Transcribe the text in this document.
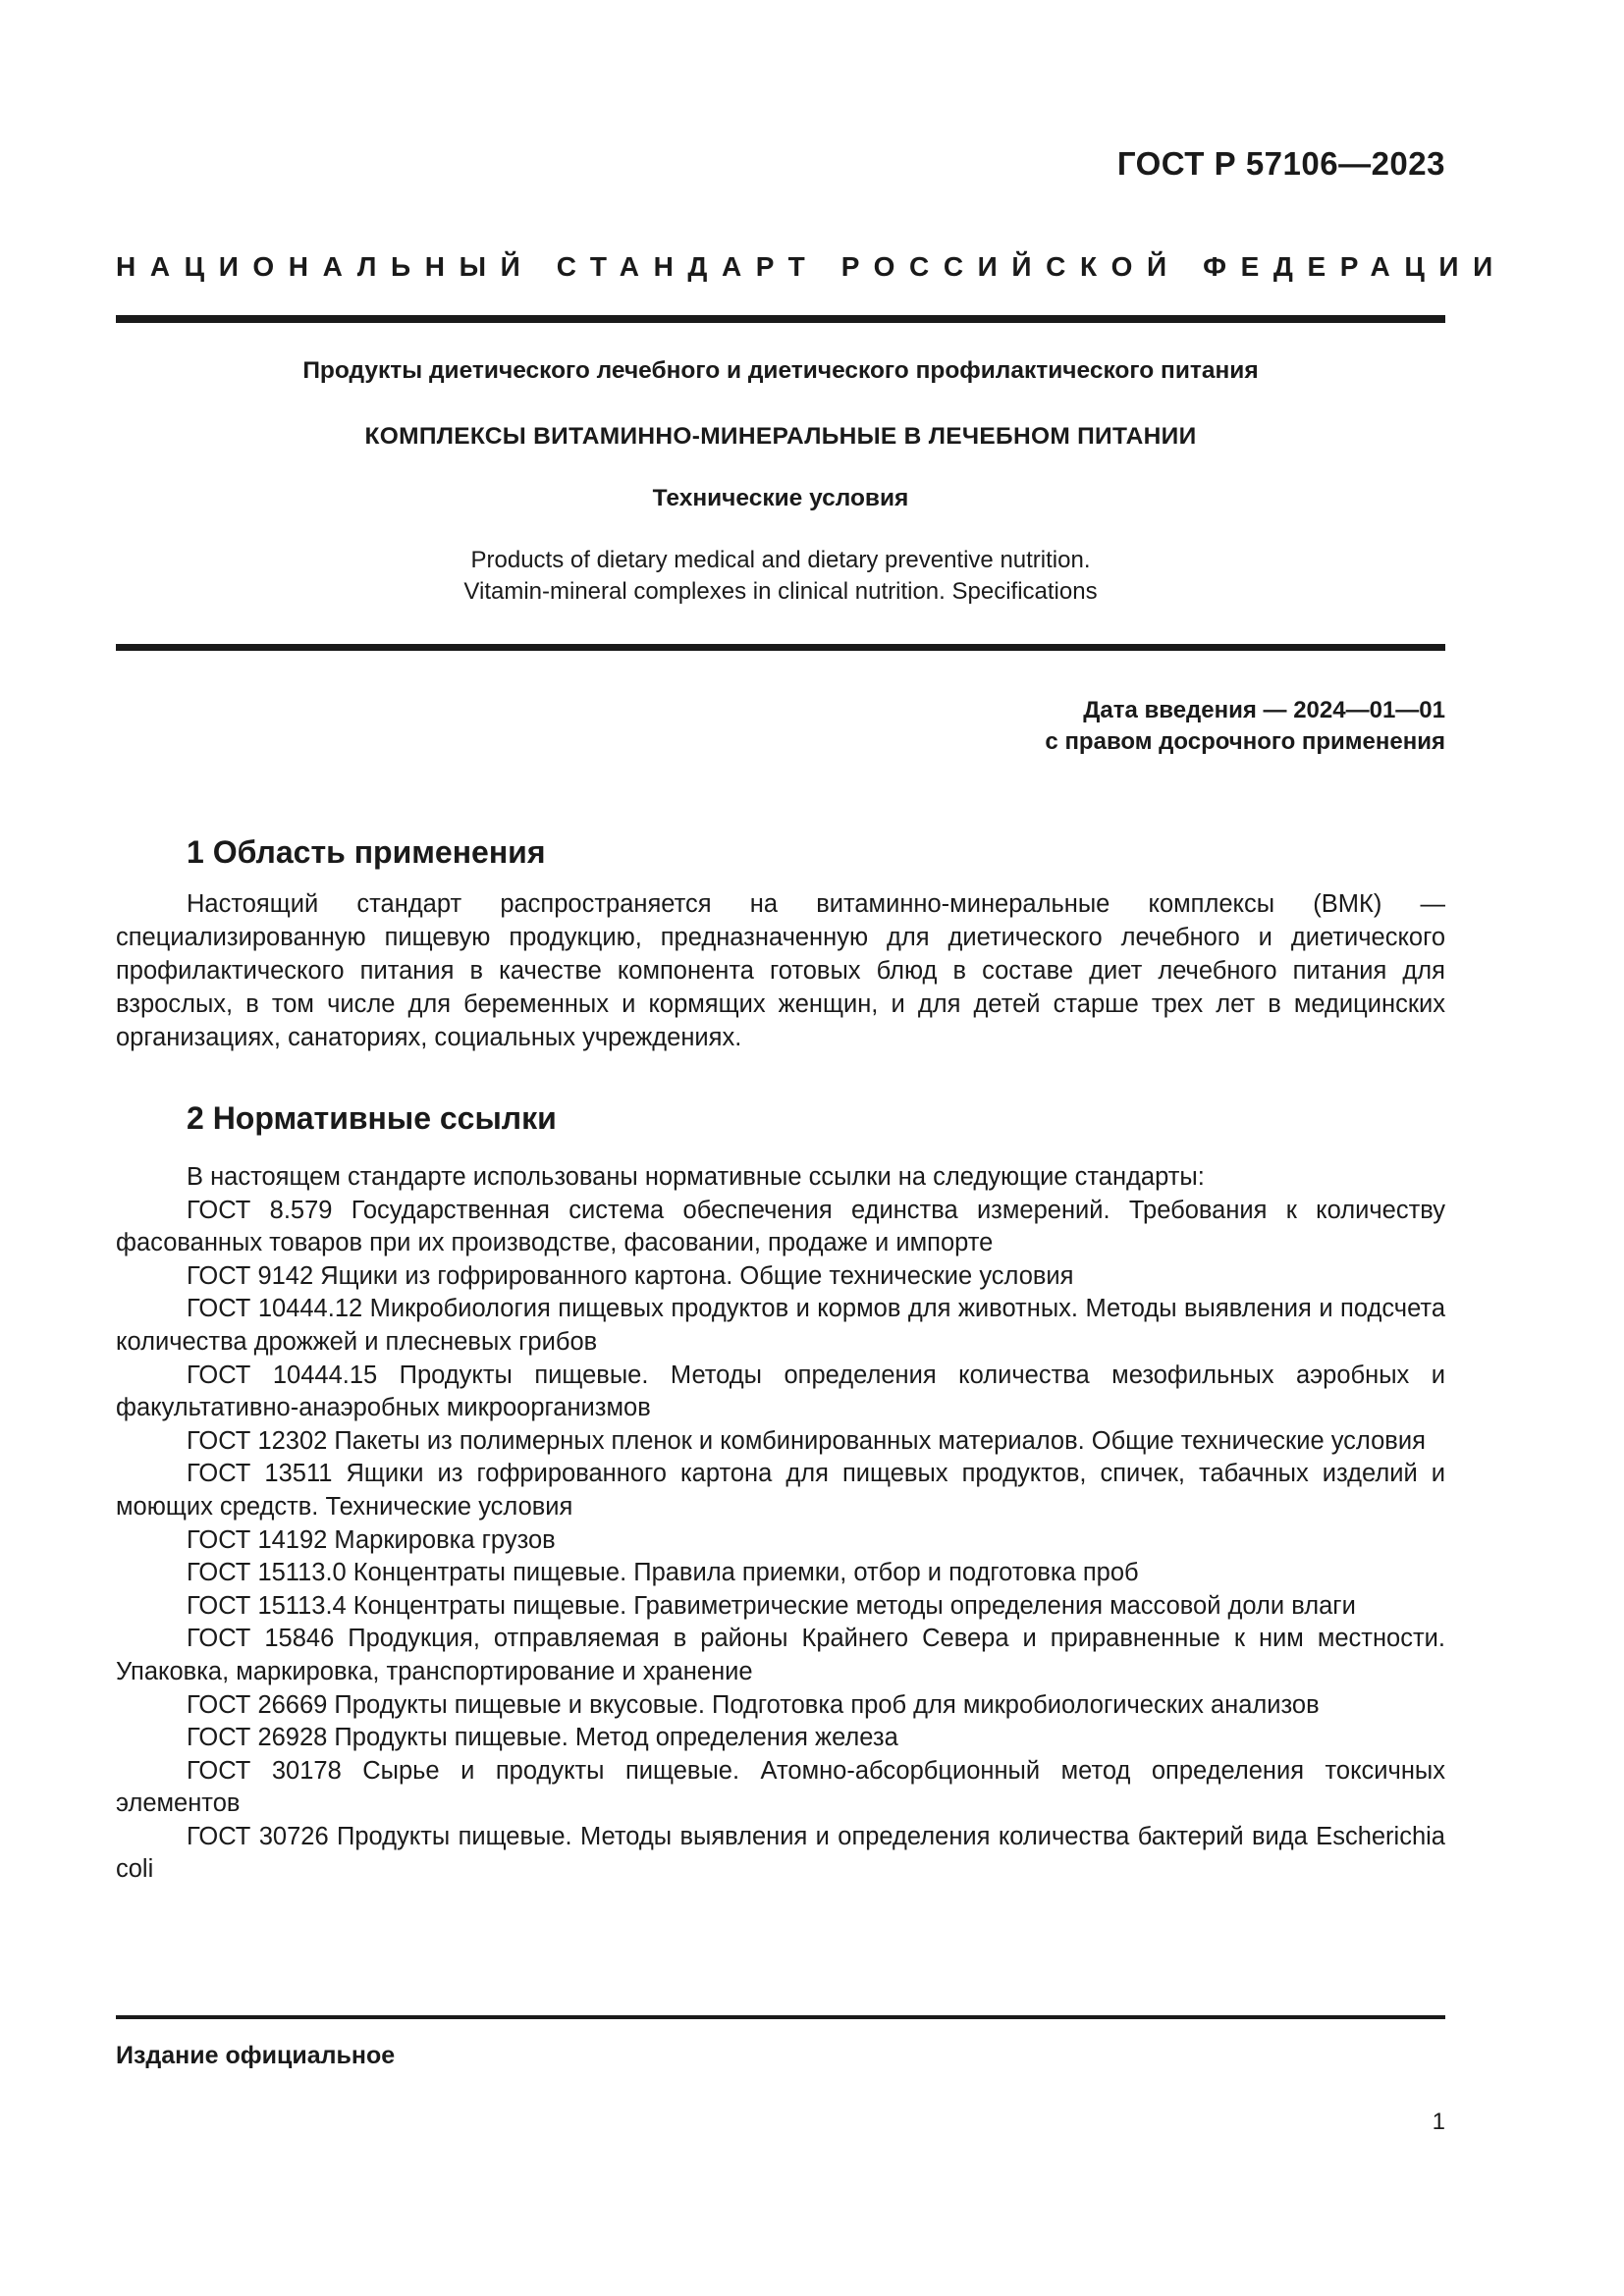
ГОСТ Р 57106—2023
НАЦИОНАЛЬНЫЙ СТАНДАРТ РОССИЙСКОЙ ФЕДЕРАЦИИ
Продукты диетического лечебного и диетического профилактического питания
КОМПЛЕКСЫ ВИТАМИННО-МИНЕРАЛЬНЫЕ В ЛЕЧЕБНОМ ПИТАНИИ
Технические условия
Products of dietary medical and dietary preventive nutrition.
Vitamin-mineral complexes in clinical nutrition. Specifications
Дата введения — 2024—01—01
с правом досрочного применения
1 Область применения
Настоящий стандарт распространяется на витаминно-минеральные комплексы (ВМК) — специализированную пищевую продукцию, предназначенную для диетического лечебного и диетического профилактического питания в качестве компонента готовых блюд в составе диет лечебного питания для взрослых, в том числе для беременных и кормящих женщин, и для детей старше трех лет в медицинских организациях, санаториях, социальных учреждениях.
2 Нормативные ссылки

В настоящем стандарте использованы нормативные ссылки на следующие стандарты:

ГОСТ 8.579 Государственная система обеспечения единства измерений. Требования к количеству фасованных товаров при их производстве, фасовании, продаже и импорте

ГОСТ 9142 Ящики из гофрированного картона. Общие технические условия

ГОСТ 10444.12 Микробиология пищевых продуктов и кормов для животных. Методы выявления и подсчета количества дрожжей и плесневых грибов

ГОСТ 10444.15 Продукты пищевые. Методы определения количества мезофильных аэробных и факультативно-анаэробных микроорганизмов

ГОСТ 12302 Пакеты из полимерных пленок и комбинированных материалов. Общие технические условия

ГОСТ 13511 Ящики из гофрированного картона для пищевых продуктов, спичек, табачных изделий и моющих средств. Технические условия

ГОСТ 14192 Маркировка грузов

ГОСТ 15113.0 Концентраты пищевые. Правила приемки, отбор и подготовка проб

ГОСТ 15113.4 Концентраты пищевые. Гравиметрические методы определения массовой доли влаги

ГОСТ 15846 Продукция, отправляемая в районы Крайнего Севера и приравненные к ним местности. Упаковка, маркировка, транспортирование и хранение

ГОСТ 26669 Продукты пищевые и вкусовые. Подготовка проб для микробиологических анализов

ГОСТ 26928 Продукты пищевые. Метод определения железа

ГОСТ 30178 Сырье и продукты пищевые. Атомно-абсорбционный метод определения токсичных элементов

ГОСТ 30726 Продукты пищевые. Методы выявления и определения количества бактерий вида Escherichia coli

Издание официальное
1
